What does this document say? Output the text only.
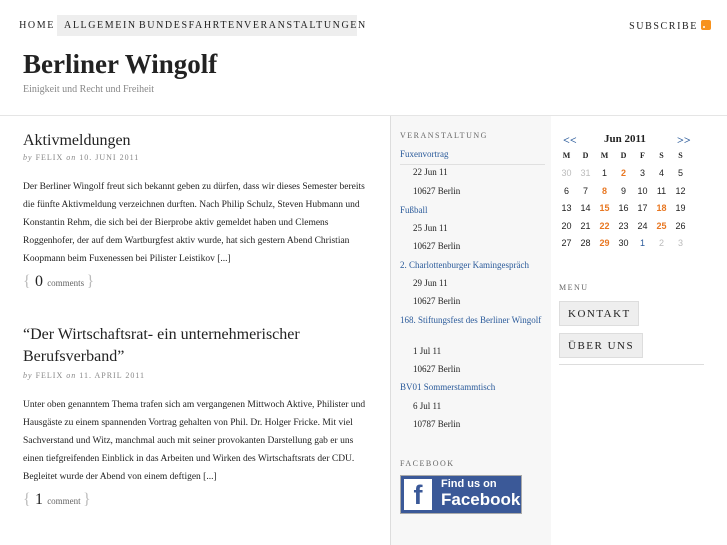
HOME ALLGEMEIN BUNDESFAHRTEN VERANSTALTUNGEN	SUBSCRIBE
Berliner Wingolf
Einigkeit und Recht und Freiheit
Aktivmeldungen
by FELIX on 10. JUNI 2011
Der Berliner Wingolf freut sich bekannt geben zu dürfen, dass wir dieses Semester bereits die fünfte Aktivmeldung verzeichnen durften. Nach Philip Schulz, Steven Hubmann und Konstantin Rehm, die sich bei der Bierprobe aktiv gemeldet haben und Clemens Roggenhofer, der auf dem Wartburgfest aktiv wurde, hat sich gestern Abend Christian Koopmann beim Fuxenessen bei Pilister Leistikov [...]
{ 0 comments }
“Der Wirtschaftsrat- ein unternehmerischer Berufsverband”
by FELIX on 11. APRIL 2011
Unter oben genanntem Thema trafen sich am vergangenen Mittwoch Aktive, Philister und Hausgäste zu einem spannenden Vortrag gehalten von Phil. Dr. Holger Fricke. Mit viel Sachverstand und Witz, manchmal auch mit seiner provokanten Darstellung gab er uns einen tiefgreifenden Einblick in das Arbeiten und Wirken des Wirtschaftsrats der CDU. Begleitet wurde der Abend von einem deftigen [...]
{ 1 comment }
VERANSTALTUNG
Fuxenvortrag
22 Jun 11
10627 Berlin
Fußball
25 Jun 11
10627 Berlin
2. Charlottenburger Kamingespräch
29 Jun 11
10627 Berlin
168. Stiftungsfest des Berliner Wingolf
1 Jul 11
10627 Berlin
BV01 Sommerstammtisch
6 Jul 11
10787 Berlin
FACEBOOK
f	Find us on
Facebook
<< Jun 2011	>>
M	D	M	D	F	S	S
30 31	1	2	3	4	5
6	7	8	9	10	11	12
13 14 15 16 17 18 19
20 21 22 23 24 25 26
27 28 29 30	1	2	3
MENU
KONTAKT
ÜBER UNS
